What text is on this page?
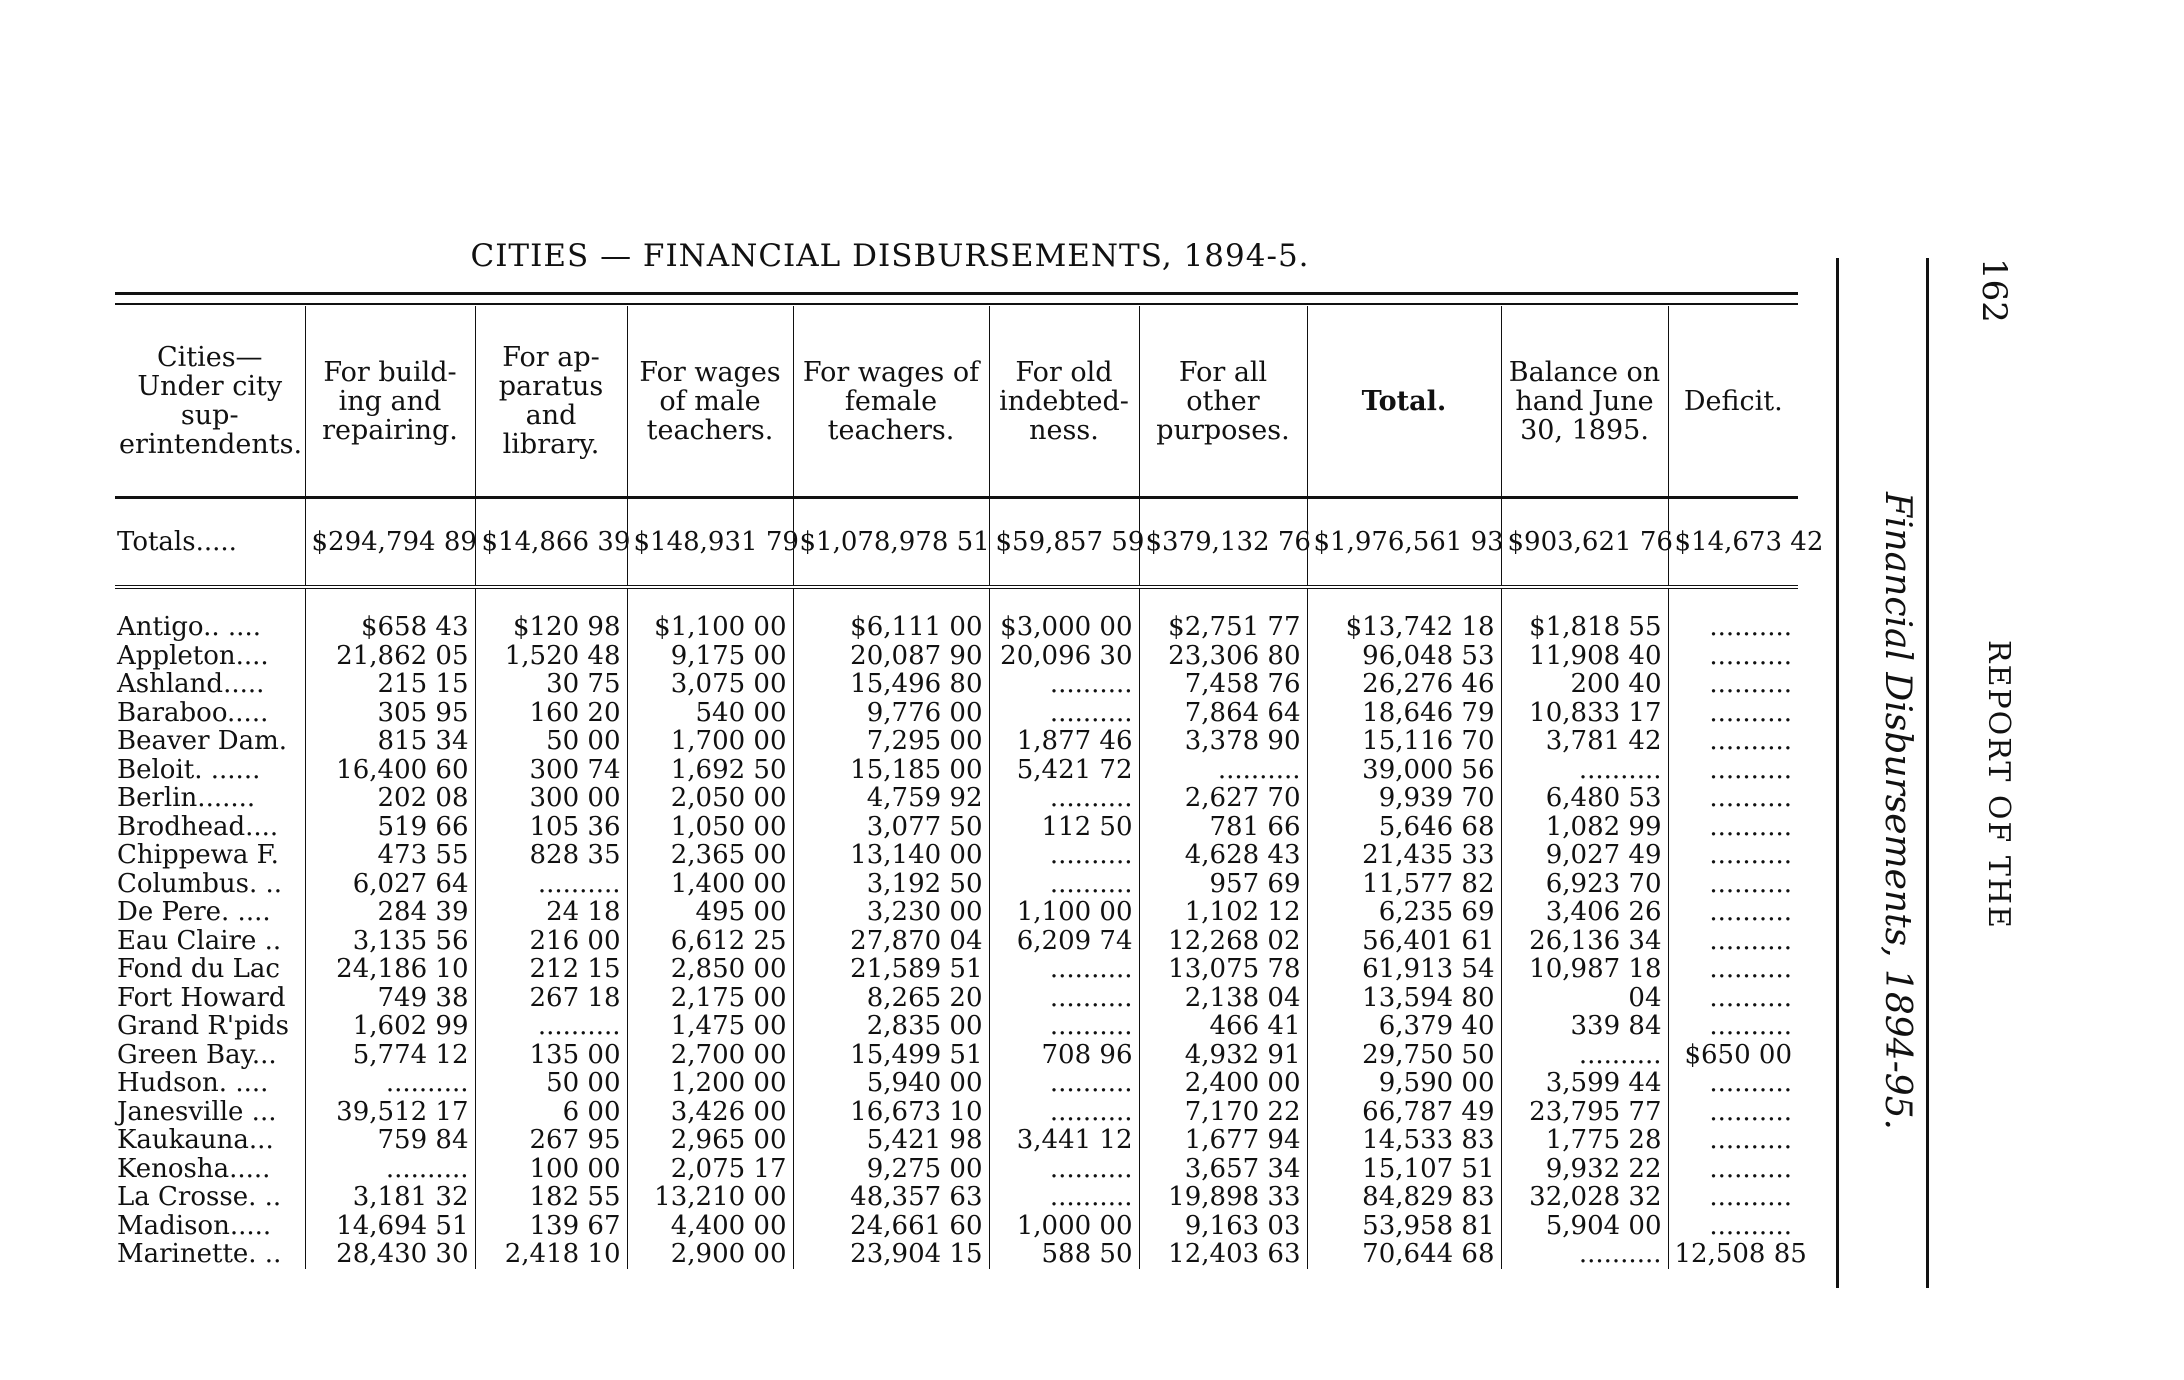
CITIES — FINANCIAL DISBURSEMENTS, 1894-5.
Cities— Under city sup- erintendents.	For build- ing and repairing.	For ap- paratus and library.	For wages of male teachers.	For wages of female teachers.	For old indebted- ness.	For all other purposes.	Total.	Balance on hand June 30, 1895.	Deficit.
Totals.....	$294,794 89	$14,866 39	$148,931 79	$1,078,978 51	$59,857 59	$379,132 76	$1,976,561 93	$903,621 76	$14,673 42

Antigo.. ....	$658 43	$120 98	$1,100 00	$6,111 00	$3,000 00	$2,751 77	$13,742 18	$1,818 55	..........
Appleton....	21,862 05	1,520 48	9,175 00	20,087 90	20,096 30	23,306 80	96,048 53	11,908 40	..........
Ashland.....	215 15	30 75	3,075 00	15,496 80	..........	7,458 76	26,276 46	200 40	..........
Baraboo.....	305 95	160 20	540 00	9,776 00	..........	7,864 64	18,646 79	10,833 17	..........
Beaver Dam.	815 34	50 00	1,700 00	7,295 00	1,877 46	3,378 90	15,116 70	3,781 42	..........
Beloit. ......	16,400 60	300 74	1,692 50	15,185 00	5,421 72	..........	39,000 56	..........	..........
Berlin.......	202 08	300 00	2,050 00	4,759 92	..........	2,627 70	9,939 70	6,480 53	..........
Brodhead....	519 66	105 36	1,050 00	3,077 50	112 50	781 66	5,646 68	1,082 99	..........
Chippewa F.	473 55	828 35	2,365 00	13,140 00	..........	4,628 43	21,435 33	9,027 49	..........
Columbus. ..	6,027 64	..........	1,400 00	3,192 50	..........	957 69	11,577 82	6,923 70	..........
De Pere. ....	284 39	24 18	495 00	3,230 00	1,100 00	1,102 12	6,235 69	3,406 26	..........
Eau Claire ..	3,135 56	216 00	6,612 25	27,870 04	6,209 74	12,268 02	56,401 61	26,136 34	..........
Fond du Lac	24,186 10	212 15	2,850 00	21,589 51	..........	13,075 78	61,913 54	10,987 18	..........
Fort Howard	749 38	267 18	2,175 00	8,265 20	..........	2,138 04	13,594 80	04	..........
Grand R'pids	1,602 99	..........	1,475 00	2,835 00	..........	466 41	6,379 40	339 84	..........
Green Bay...	5,774 12	135 00	2,700 00	15,499 51	708 96	4,932 91	29,750 50	..........	$650 00
Hudson. ....	..........	50 00	1,200 00	5,940 00	..........	2,400 00	9,590 00	3,599 44	..........
Janesville ...	39,512 17	6 00	3,426 00	16,673 10	..........	7,170 22	66,787 49	23,795 77	..........
Kaukauna...	759 84	267 95	2,965 00	5,421 98	3,441 12	1,677 94	14,533 83	1,775 28	..........
Kenosha.....	..........	100 00	2,075 17	9,275 00	..........	3,657 34	15,107 51	9,932 22	..........
La Crosse. ..	3,181 32	182 55	13,210 00	48,357 63	..........	19,898 33	84,829 83	32,028 32	..........
Madison.....	14,694 51	139 67	4,400 00	24,661 60	1,000 00	9,163 03	53,958 81	5,904 00	..........
Marinette. ..	28,430 30	2,418 10	2,900 00	23,904 15	588 50	12,403 63	70,644 68	..........	12,508 85
Financial Disbursements, 1894-95. REPORT OF THE
162
